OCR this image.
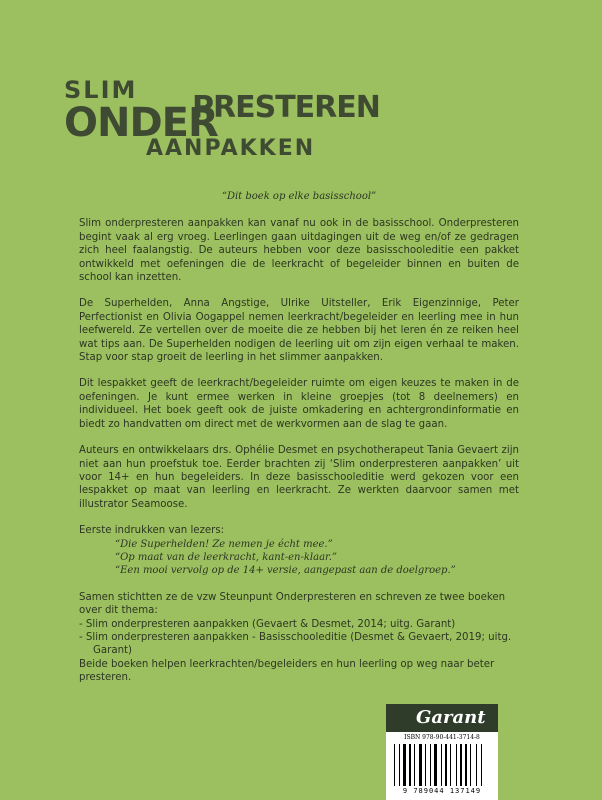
SLIM
ONDER
PRESTEREN
AANPAKKEN
“Dit boek op elke basisschool”

Slim onderpresteren aanpakken kan vanaf nu ook in de basisschool. Onderpresteren begint vaak al erg vroeg. Leerlingen gaan uitdagingen uit de weg en/of ze gedragen zich heel faalangstig. De auteurs hebben voor deze basisschooleditie een pakket ontwikkeld met oefeningen die de leerkracht of begeleider binnen en buiten de school kan inzetten.

De Superhelden, Anna Angstige, Ulrike Uitsteller, Erik Eigenzinnige, Peter Perfectionist en Olivia Oogappel nemen leerkracht/begeleider en leerling mee in hun leefwereld. Ze vertellen over de moeite die ze hebben bij het leren én ze reiken heel wat tips aan. De Superhelden nodigen de leerling uit om zijn eigen verhaal te maken. Stap voor stap groeit de leerling in het slimmer aanpakken.

Dit lespakket geeft de leerkracht/begeleider ruimte om eigen keuzes te maken in de oefeningen. Je kunt ermee werken in kleine groepjes (tot 8 deelnemers) en individueel. Het boek geeft ook de juiste omkadering en achtergrondinformatie en biedt zo handvatten om direct met de werkvormen aan de slag te gaan.

Auteurs en ontwikkelaars drs. Ophélie Desmet en psychotherapeut Tania Gevaert zijn niet aan hun proefstuk toe. Eerder brachten zij ‘Slim onderpresteren aanpakken’ uit voor 14+ en hun begeleiders. In deze basisschooleditie werd gekozen voor een lespakket op maat van leerling en leerkracht. Ze werkten daarvoor samen met illustrator Seamoose.

Eerste indrukken van lezers:
“Die Superhelden! Ze nemen je écht mee.”
“Op maat van de leerkracht, kant-en-klaar.”
“Een mooi vervolg op de 14+ versie, aangepast aan de doelgroep.”
Samen stichtten ze de vzw Steunpunt Onderpresteren en schreven ze twee boeken over dit thema:
- Slim onderpresteren aanpakken (Gevaert & Desmet, 2014; uitg. Garant)
- Slim onderpresteren aanpakken - Basisschooleditie (Desmet & Gevaert, 2019; uitg. Garant)
Beide boeken helpen leerkrachten/begeleiders en hun leerling op weg naar beter presteren.
Garant
ISBN 978-90-441-3714-8
9 789044 137149
